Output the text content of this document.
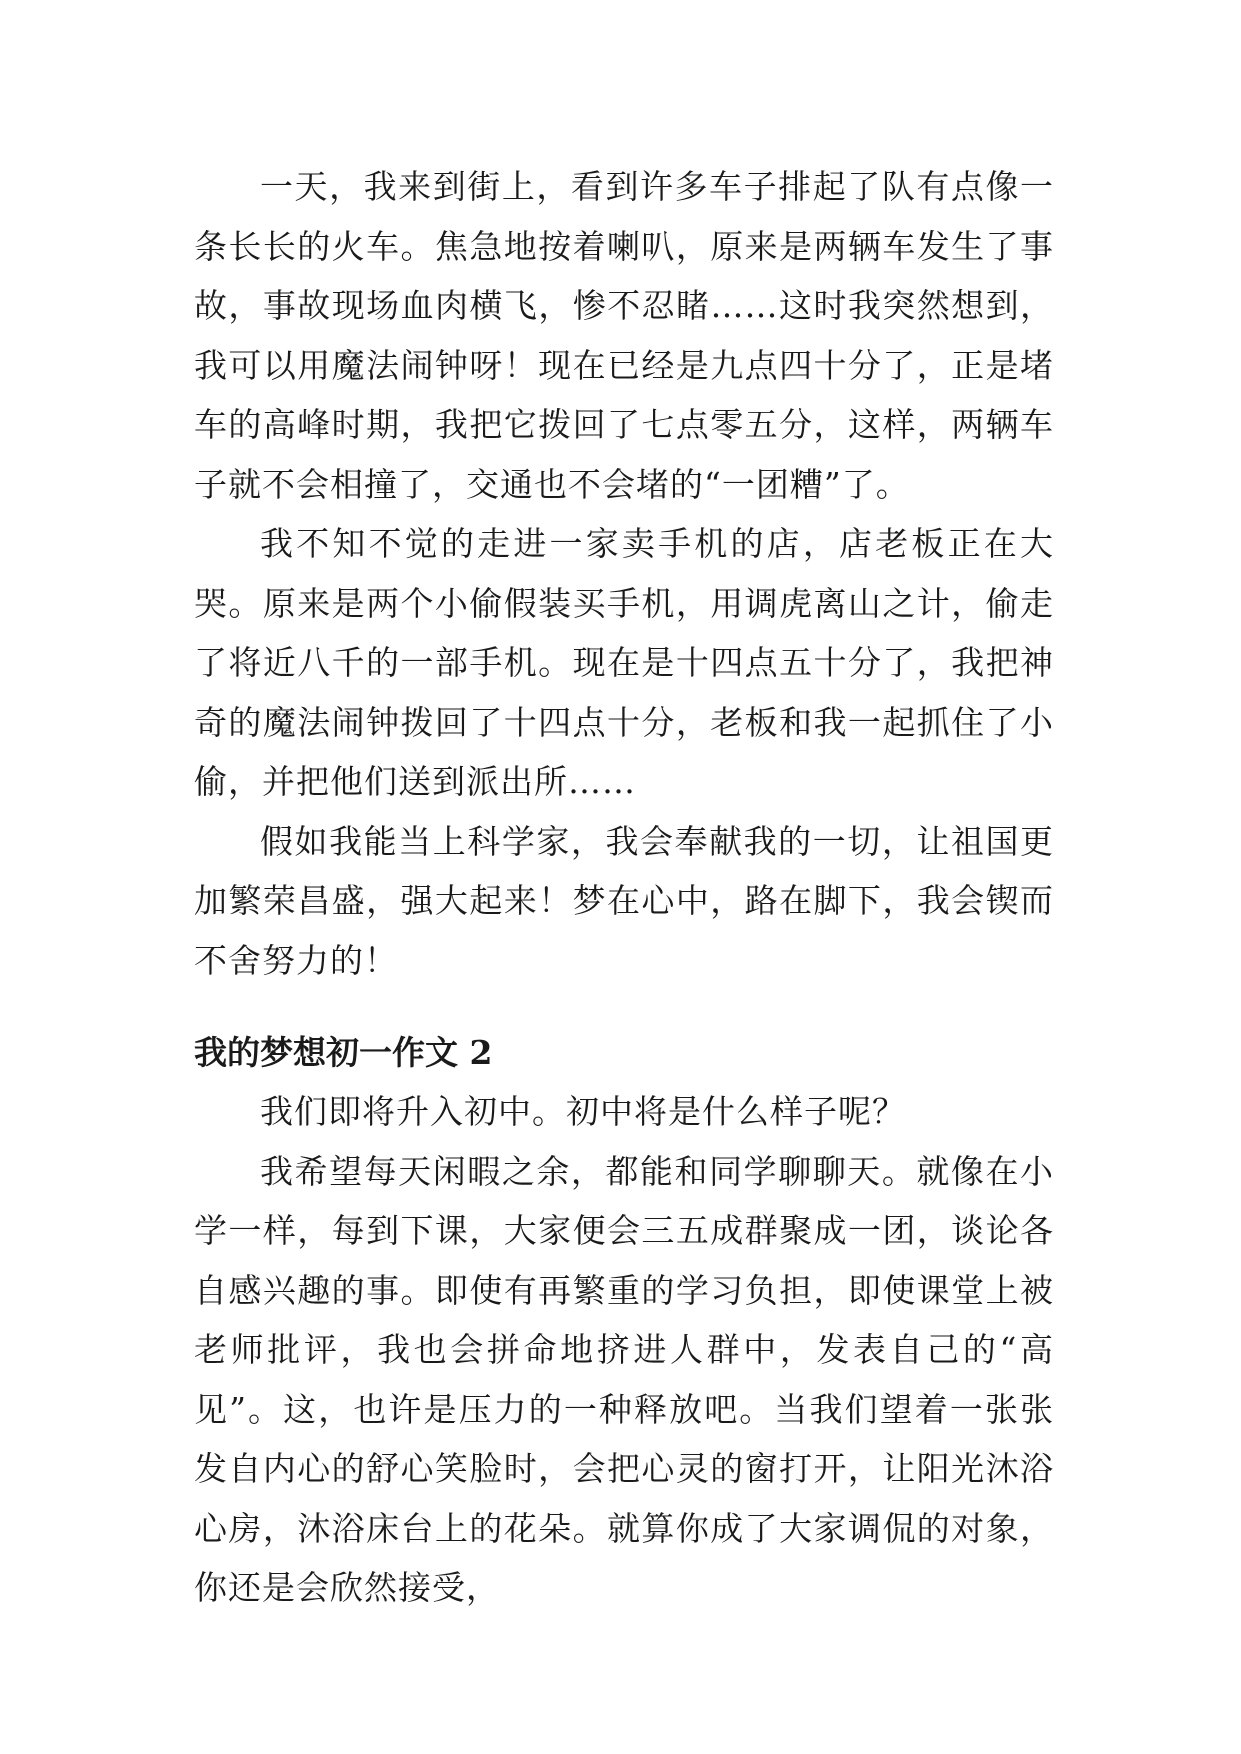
一天，我来到街上，看到许多车子排起了队有点像一条长长的火车。焦急地按着喇叭，原来是两辆车发生了事故，事故现场血肉横飞，惨不忍睹……这时我突然想到，我可以用魔法闹钟呀！现在已经是九点四十分了，正是堵车的高峰时期，我把它拨回了七点零五分，这样，两辆车子就不会相撞了，交通也不会堵的“一团糟”了。

我不知不觉的走进一家卖手机的店，店老板正在大哭。原来是两个小偷假装买手机，用调虎离山之计，偷走了将近八千的一部手机。现在是十四点五十分了，我把神奇的魔法闹钟拨回了十四点十分，老板和我一起抓住了小偷，并把他们送到派出所……

假如我能当上科学家，我会奉献我的一切，让祖国更加繁荣昌盛，强大起来！梦在心中，路在脚下，我会锲而不舍努力的！

我的梦想初一作文 2

我们即将升入初中。初中将是什么样子呢？

我希望每天闲暇之余，都能和同学聊聊天。就像在小学一样，每到下课，大家便会三五成群聚成一团，谈论各自感兴趣的事。即使有再繁重的学习负担，即使课堂上被老师批评，我也会拼命地挤进人群中，发表自己的“高见”。这，也许是压力的一种释放吧。当我们望着一张张发自内心的舒心笑脸时，会把心灵的窗打开，让阳光沐浴心房，沐浴床台上的花朵。就算你成了大家调侃的对象，你还是会欣然接受，
